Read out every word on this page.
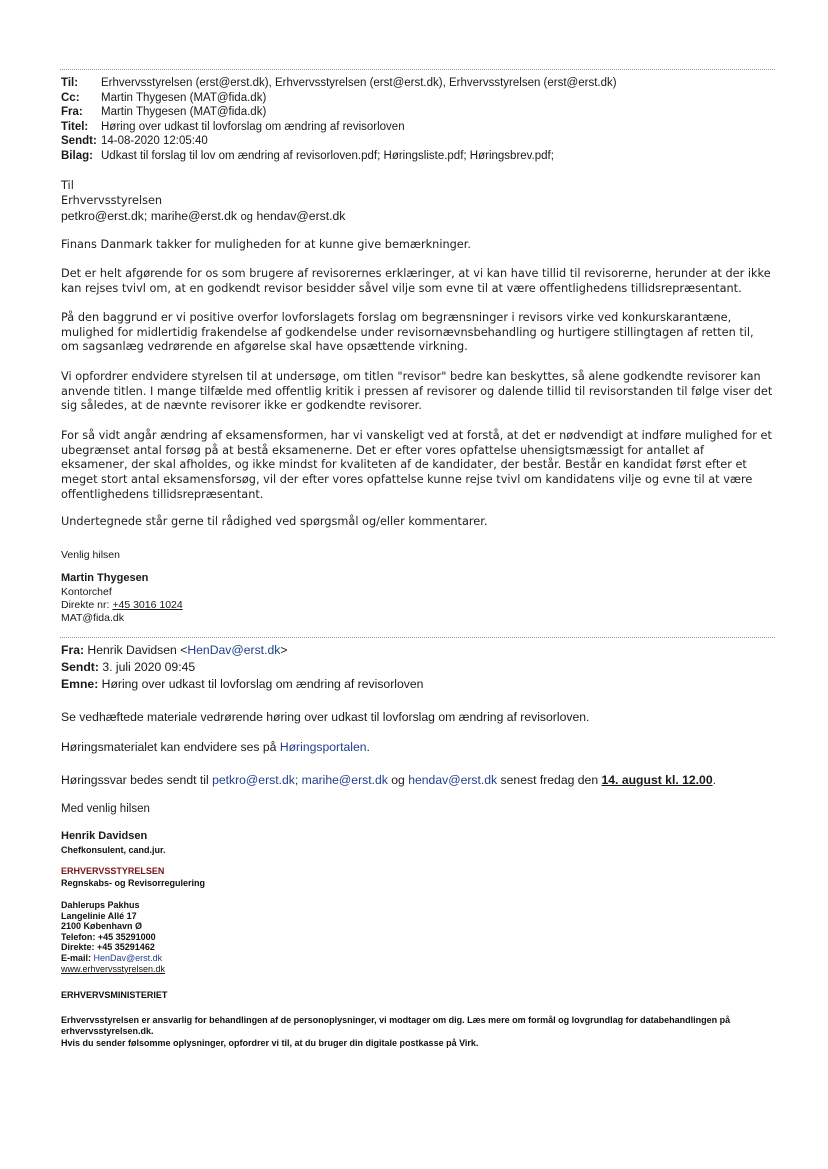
Til:	Erhvervsstyrelsen (erst@erst.dk), Erhvervsstyrelsen (erst@erst.dk), Erhvervsstyrelsen (erst@erst.dk)
Cc:	Martin Thygesen (MAT@fida.dk)
Fra:	Martin Thygesen (MAT@fida.dk)
Titel:	Høring over udkast til lovforslag om ændring af revisorloven
Sendt: 14-08-2020 12:05:40
Bilag: Udkast til forslag til lov om ændring af revisorloven.pdf; Høringsliste.pdf; Høringsbrev.pdf;
Til
Erhvervsstyrelsen
petkro@erst.dk; marihe@erst.dk og hendav@erst.dk
Finans Danmark takker for muligheden for at kunne give bemærkninger.
Det er helt afgørende for os som brugere af revisorernes erklæringer, at vi kan have tillid til revisorerne, herunder at der ikke kan rejses tvivl om, at en godkendt revisor besidder såvel vilje som evne til at være offentlighedens tillidsrepræsentant.
På den baggrund er vi positive overfor lovforslagets forslag om begrænsninger i revisors virke ved konkurskarantæne, mulighed for midlertidig frakendelse af godkendelse under revisornævnsbehandling og hurtigere stillingtagen af retten til, om sagsanlæg vedrørende en afgørelse skal have opsættende virkning.
Vi opfordrer endvidere styrelsen til at undersøge, om titlen "revisor" bedre kan beskyttes, så alene godkendte revisorer kan anvende titlen. I mange tilfælde med offentlig kritik i pressen af revisorer og dalende tillid til revisorstanden til følge viser det sig således, at de nævnte revisorer ikke er godkendte revisorer.
For så vidt angår ændring af eksamensformen, har vi vanskeligt ved at forstå, at det er nødvendigt at indføre mulighed for et ubegrænset antal forsøg på at bestå eksamenerne. Det er efter vores opfattelse uhensigtsmæssigt for antallet af eksamener, der skal afholdes, og ikke mindst for kvaliteten af de kandidater, der består. Består en kandidat først efter et meget stort antal eksamensforsøg, vil der efter vores opfattelse kunne rejse tvivl om kandidatens vilje og evne til at være offentlighedens tillidsrepræsentant.
Undertegnede står gerne til rådighed ved spørgsmål og/eller kommentarer.
Venlig hilsen
Martin Thygesen
Kontorchef
Direkte nr: +45 3016 1024
MAT@fida.dk
Fra: Henrik Davidsen <HenDav@erst.dk>
Sendt: 3. juli 2020 09:45
Emne: Høring over udkast til lovforslag om ændring af revisorloven
Se vedhæftede materiale vedrørende høring over udkast til lovforslag om ændring af revisorloven.
Høringsmaterialet kan endvidere ses på Høringsportalen.
Høringssvar bedes sendt til petkro@erst.dk; marihe@erst.dk og hendav@erst.dk senest fredag den 14. august kl. 12.00.
Med venlig hilsen
Henrik Davidsen
Chefkonsulent, cand.jur.
ERHVERVSSTYRELSEN
Regnskabs- og Revisorregulering
Dahlerups Pakhus
Langelinie Allé 17
2100 København Ø
Telefon: +45 35291000
Direkte: +45 35291462
E-mail: HenDav@erst.dk
www.erhvervsstyrelsen.dk
ERHVERVSMINISTERIET
Erhvervsstyrelsen er ansvarlig for behandlingen af de personoplysninger, vi modtager om dig. Læs mere om formål og lovgrundlag for databehandlingen på erhvervsstyrelsen.dk.
Hvis du sender følsomme oplysninger, opfordrer vi til, at du bruger din digitale postkasse på Virk.
